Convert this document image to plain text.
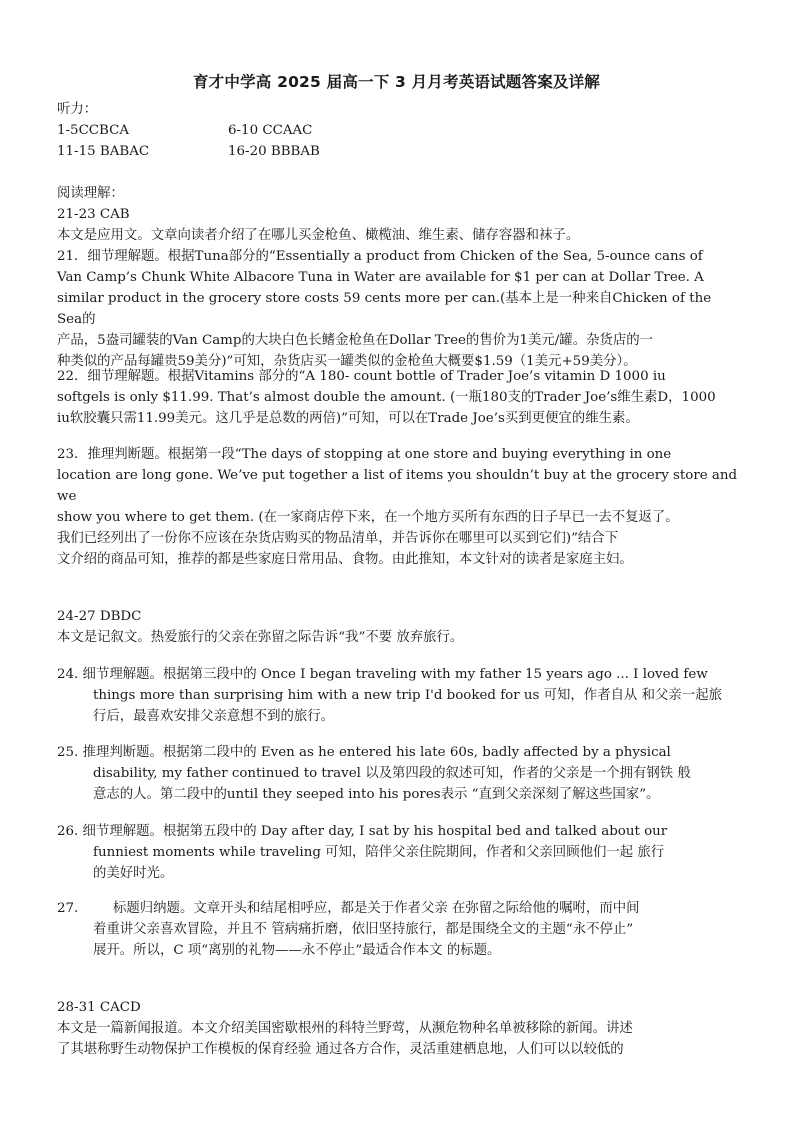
育才中学高 2025 届高一下 3 月月考英语试题答案及详解
听力：
1-5CCBCA	6-10 CCAAC
11-15 BABAC	16-20 BBBAB
阅读理解：
21-23 CAB
本文是应用文。文章向读者介绍了在哪儿买金枪鱼、橄榄油、维生素、储存容器和袜子。
21．细节理解题。根据Tuna部分的“Essentially a product from Chicken of the Sea, 5-ounce cans of
Van Camp’s Chunk White Albacore Tuna in Water are available for $1 per can at Dollar Tree. A
similar product in the grocery store costs 59 cents more per can.(基本上是一种来自Chicken of the Sea的
产品，5盎司罐装的Van Camp的大块白色长鳍金枪鱼在Dollar Tree的售价为1美元/罐。杂货店的一
种类似的产品每罐贵59美分)”可知，杂货店买一罐类似的金枪鱼大概要$1.59（1美元+59美分）。
22．细节理解题。根据Vitamins 部分的“A 180- count bottle of Trader Joe’s vitamin D 1000 iu
softgels is only $11.99. That’s almost double the amount. (一瓶180支的Trader Joe’s维生素D，1000
iu软胶囊只需11.99美元。这几乎是总数的两倍)”可知，可以在Trade Joe’s买到更便宜的维生素。
23．推理判断题。根据第一段“The days of stopping at one store and buying everything in one
location are long gone. We’ve put together a list of items you shouldn’t buy at the grocery store and we
show you where to get them. (在一家商店停下来，在一个地方买所有东西的日子早已一去不复返了。
我们已经列出了一份你不应该在杂货店购买的物品清单，并告诉你在哪里可以买到它们)”结合下
文介绍的商品可知，推荐的都是些家庭日常用品、食物。由此推知，本文针对的读者是家庭主妇。
24-27 DBDC
本文是记叙文。热爱旅行的父亲在弥留之际告诉“我”不要 放弃旅行。
24. 细节理解题。根据第三段中的 Once I began traveling with my father 15 years ago ... I loved few
things more than surprising him with a new trip I'd booked for us 可知，作者自从 和父亲一起旅
行后，最喜欢安排父亲意想不到的旅行。
25. 推理判断题。根据第二段中的 Even as he entered his late 60s, badly affected by a physical
disability, my father continued to travel 以及第四段的叙述可知，作者的父亲是一个拥有钢铁 般
意志的人。第二段中的until they seeped into his pores表示 “直到父亲深刻了解这些国家”。
26. 细节理解题。根据第五段中的 Day after day, I sat by his hospital bed and talked about our
funniest moments while traveling 可知，陪伴父亲住院期间，作者和父亲回顾他们一起 旅行
的美好时光。
27.	标题归纳题。文章开头和结尾相呼应，都是关于作者父亲 在弥留之际给他的嘱咐，而中间
着重讲父亲喜欢冒险，并且不 管病痛折磨，依旧坚持旅行，都是围绕全文的主题“永不停止”
展开。所以，C 项“离别的礼物——永不停止”最适合作本文 的标题。
28-31 CACD
本文是一篇新闻报道。本文介绍美国密歇根州的科特兰野莺，从濒危物种名单被移除的新闻。讲述
了其堪称野生动物保护工作模板的保育经验 通过各方合作，灵活重建栖息地，人们可以以较低的
